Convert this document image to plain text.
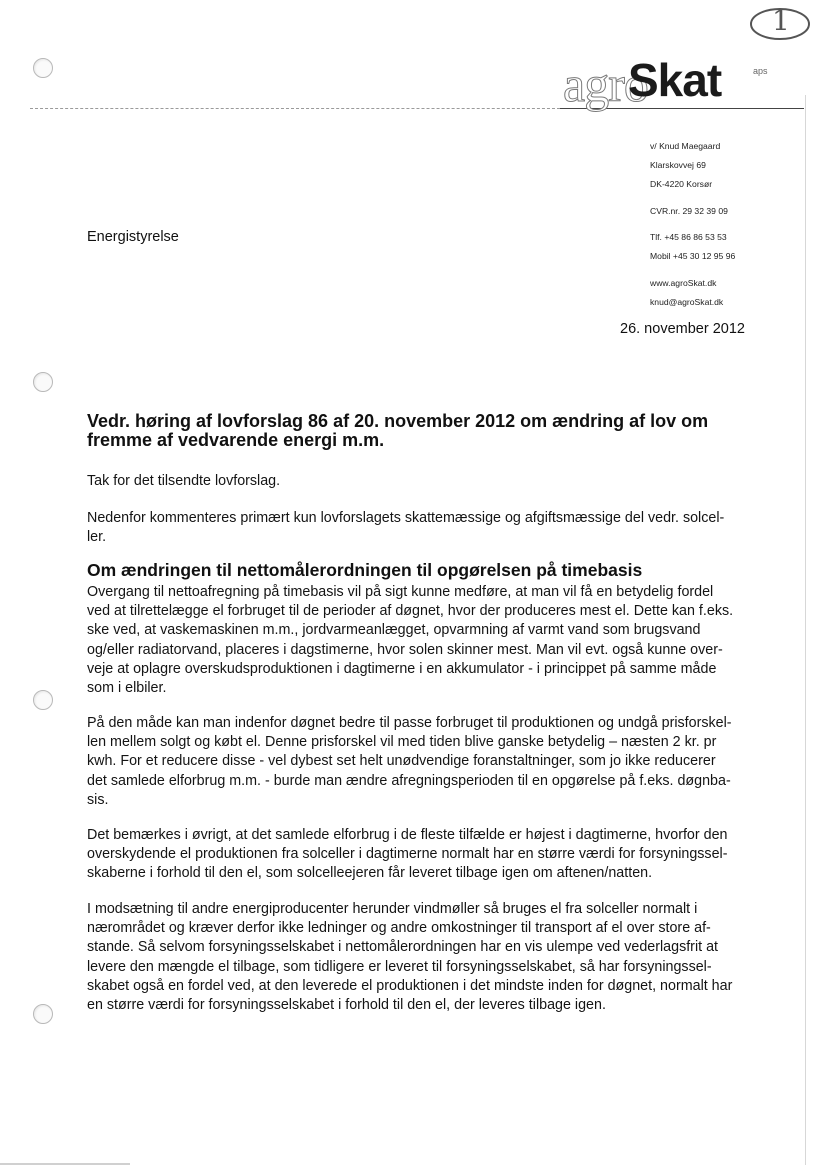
1
agro
Skat	aps
v/ Knud Maegaard
Klarskovvej 69
DK-4220 Korsør
CVR.nr. 29 32 39 09
Tlf. +45 86 86 53 53
Mobil +45 30 12 95 96
www.agroSkat.dk
knud@agroSkat.dk
Energistyrelse
26. november 2012
Vedr. høring af lovforslag 86 af 20. november 2012 om ændring af lov om
fremme af vedvarende energi m.m.
Tak for det tilsendte lovforslag.
Nedenfor kommenteres primært kun lovforslagets skattemæssige og afgiftsmæssige del vedr. solcel-
ler.
Om ændringen til nettomålerordningen til opgørelsen på timebasis
Overgang til nettoafregning på timebasis vil på sigt kunne medføre, at man vil få en betydelig fordel
ved at tilrettelægge el forbruget til de perioder af døgnet, hvor der produceres mest el. Dette kan f.eks.
ske ved, at vaskemaskinen m.m., jordvarmeanlægget, opvarmning af varmt vand som brugsvand
og/eller radiatorvand, placeres i dagstimerne, hvor solen skinner mest. Man vil evt. også kunne over-
veje at oplagre overskudsproduktionen i dagtimerne i en akkumulator - i princippet på samme måde
som i elbiler.
På den måde kan man indenfor døgnet bedre til passe forbruget til produktionen og undgå prisforskel-
len mellem solgt og købt el. Denne prisforskel vil med tiden blive ganske betydelig – næsten 2 kr. pr
kwh. For et reducere disse - vel dybest set helt unødvendige foranstaltninger, som jo ikke reducerer
det samlede elforbrug m.m. - burde man ændre afregningsperioden til en opgørelse på f.eks. døgnba-
sis.
Det bemærkes i øvrigt, at det samlede elforbrug i de fleste tilfælde er højest i dagtimerne, hvorfor den
overskydende el produktionen fra solceller i dagtimerne normalt har en større værdi for forsyningssel-
skaberne i forhold til den el, som solcelleejeren får leveret tilbage igen om aftenen/natten.
I modsætning til andre energiproducenter herunder vindmøller så bruges el fra solceller normalt i
nærområdet og kræver derfor ikke ledninger og andre omkostninger til transport af el over store af-
stande. Så selvom forsyningsselskabet i nettomålerordningen har en vis ulempe ved vederlagsfrit at
levere den mængde el tilbage, som tidligere er leveret til forsyningsselskabet, så har forsyningssel-
skabet også en fordel ved, at den leverede el produktionen i det mindste inden for døgnet, normalt har
en større værdi for forsyningsselskabet i forhold til den el, der leveres tilbage igen.
